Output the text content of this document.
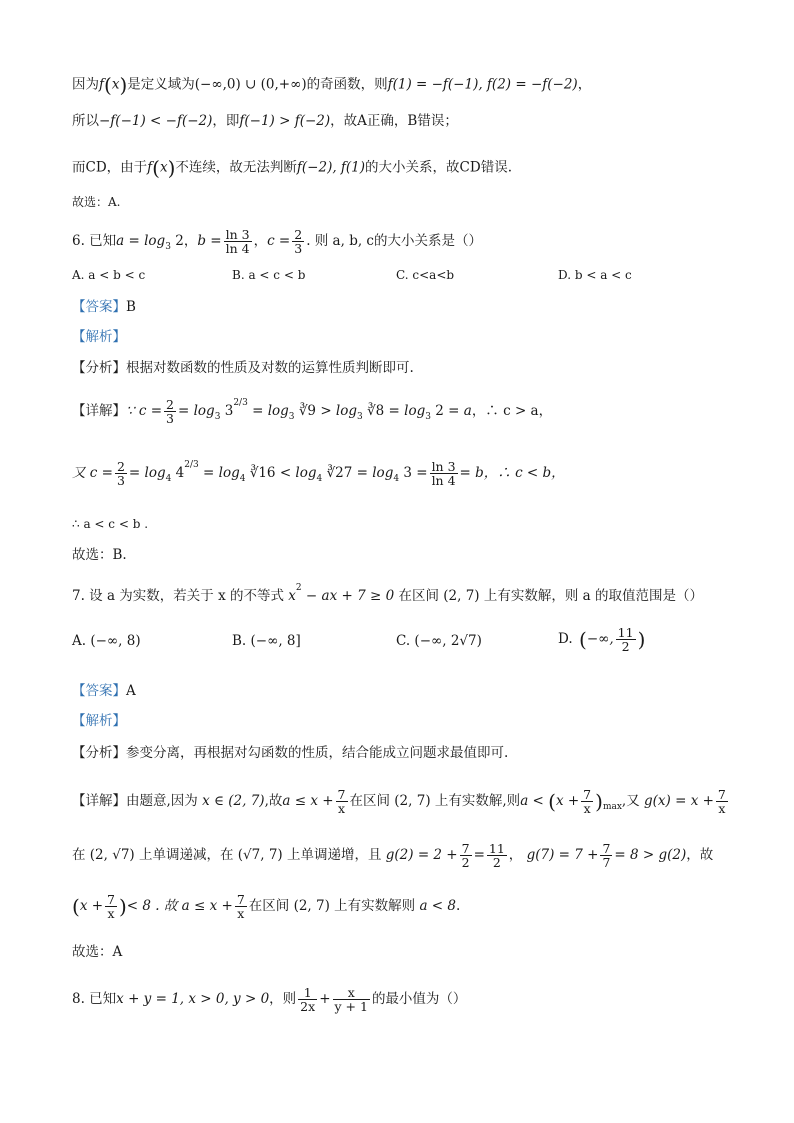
因为f(x)是定义域为(−∞,0) ∪ (0,+∞)的奇函数，则f(1) = −f(−1), f(2) = −f(−2)，
所以−f(−1) < −f(−2)，即f(−1) > f(−2)，故A正确，B错误；
而CD，由于f(x)不连续，故无法判断f(−2), f(1)的大小关系，故CD错误.
故选：A.
6. 已知$a = \log_3 2$，$b = \frac{\ln 3}{\ln 4}$ ，$c = \frac{2}{3}$ . 则 a, b, c的大小关系是（）
A. a < b < c	B. a < c < b	C. c<a<b	D. b < a < c
【答案】B
【解析】
【分析】根据对数函数的性质及对数的运算性质判断即可.
【详解】∵ $c = \frac{2}{3} = \log_3 3^{2/3} = \log_3$ ∛9 > $\log_3$ ∛8 = $\log_3 2 = a$，∴ c > a，
又 $c = \frac{2}{3} = \log_4 4^{2/3} = \log_4$ ∛16 < $\log_4$ ∛27 = $\log_4 3 = \frac{\ln 3}{\ln 4} = b$，∴ c < b，
∴ a < c < b .
故选：B.
7. 设 a 为实数，若关于 x 的不等式 $x^2$ − ax + 7 ≥ 0 在区间 (2, 7) 上有实数解，则 a 的取值范围是（）
A. (−∞, 8)	B. (−∞, 8]	C. (−∞, 2√7)	D. (−∞, $\frac{11}{2}$ )
【答案】A
【解析】
【分析】参变分离，再根据对勾函数的性质，结合能成立问题求最值即可.
【详解】由题意,因为 x ∈ (2, 7),故$a \le x + \frac{7}{x}$ 在区间 (2, 7) 上有实数解,则$a < (x + \frac{7}{x} )_{max}$,又 $g(x) = x + \frac{7}{x}$
在 (2, √7) 上单调递减，在 (√7, 7) 上单调递增，且 $g(2) = 2 + \frac{7}{2} = \frac{11}{2}$ ， $g(7) = 7 + \frac{7}{7} = 8 > g(2)$，故
($x + \frac{7}{x}$ )< 8 . 故 $a \le x + \frac{7}{x}$ 在区间 (2, 7) 上有实数解则 a < 8.
故选：A
8. 已知x + y = 1, x > 0, y > 0，则 $\frac{1}{2x} + \frac{x}{y + 1}$ 的最小值为（）
